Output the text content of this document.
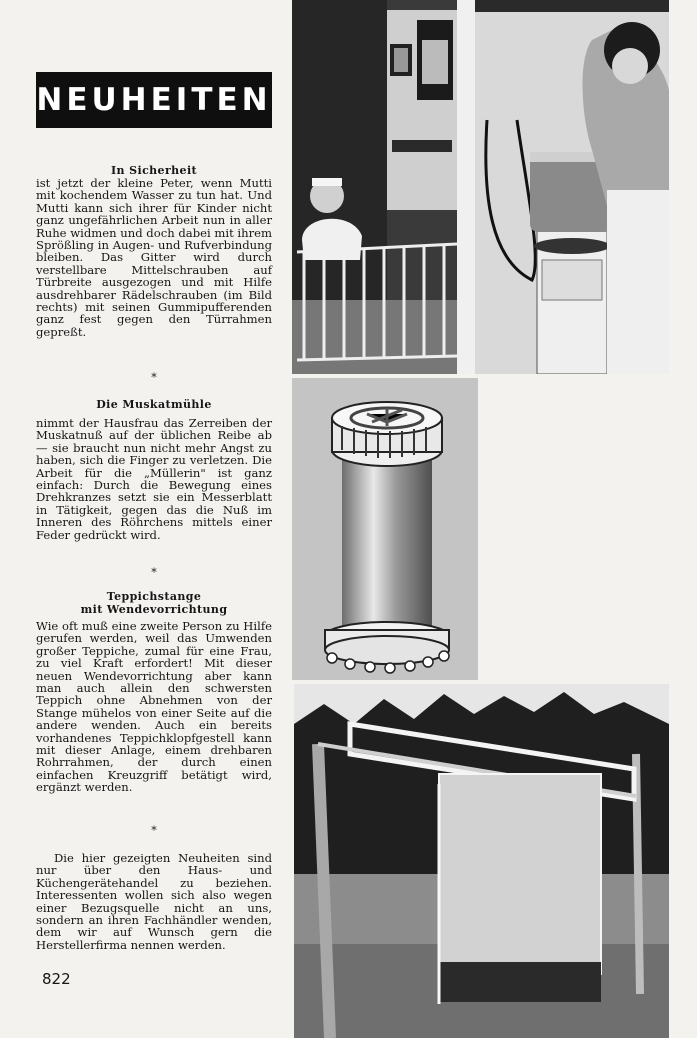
NEUHEITEN
In Sicherheit

ist jetzt der kleine Peter, wenn Mutti mit kochendem Wasser zu tun hat. Und Mutti kann sich ihrer für Kinder nicht ganz ungefährlichen Arbeit nun in aller Ruhe widmen und doch dabei mit ihrem Sprößling in Augen- und Rufverbindung bleiben. Das Gitter wird durch verstellbare Mittelschrauben auf Türbreite ausgezogen und mit Hilfe ausdrehbarer Rädelschrauben (im Bild rechts) mit seinen Gummipufferenden ganz fest gegen den Türrahmen gepreßt.

*
Die Muskatmühle

nimmt der Hausfrau das Zerreiben der Muskatnuß auf der üblichen Reibe ab — sie braucht nun nicht mehr Angst zu haben, sich die Finger zu verletzen. Die Arbeit für die „Müllerin" ist ganz einfach: Durch die Bewegung eines Drehkranzes setzt sie ein Messerblatt in Tätigkeit, gegen das die Nuß im Inneren des Röhrchens mittels einer Feder gedrückt wird.

*
Teppichstange
mit Wendevorrichtung

Wie oft muß eine zweite Person zu Hilfe gerufen werden, weil das Umwenden großer Teppiche, zumal für eine Frau, zu viel Kraft erfordert! Mit dieser neuen Wendevorrichtung aber kann man auch allein den schwersten Teppich ohne Abnehmen von der Stange mühelos von einer Seite auf die andere wenden. Auch ein bereits vorhandenes Teppichklopfgestell kann mit dieser Anlage, einem drehbaren Rohrrahmen, der durch einen einfachen Kreuzgriff betätigt wird, ergänzt werden.

*

Die hier gezeigten Neuheiten sind nur über den Haus- und Küchengerätehandel zu beziehen. Interessenten wollen sich also wegen einer Bezugsquelle nicht an uns, sondern an ihren Fachhändler wenden, dem wir auf Wunsch gern die Herstellerfirma nennen werden.

822
